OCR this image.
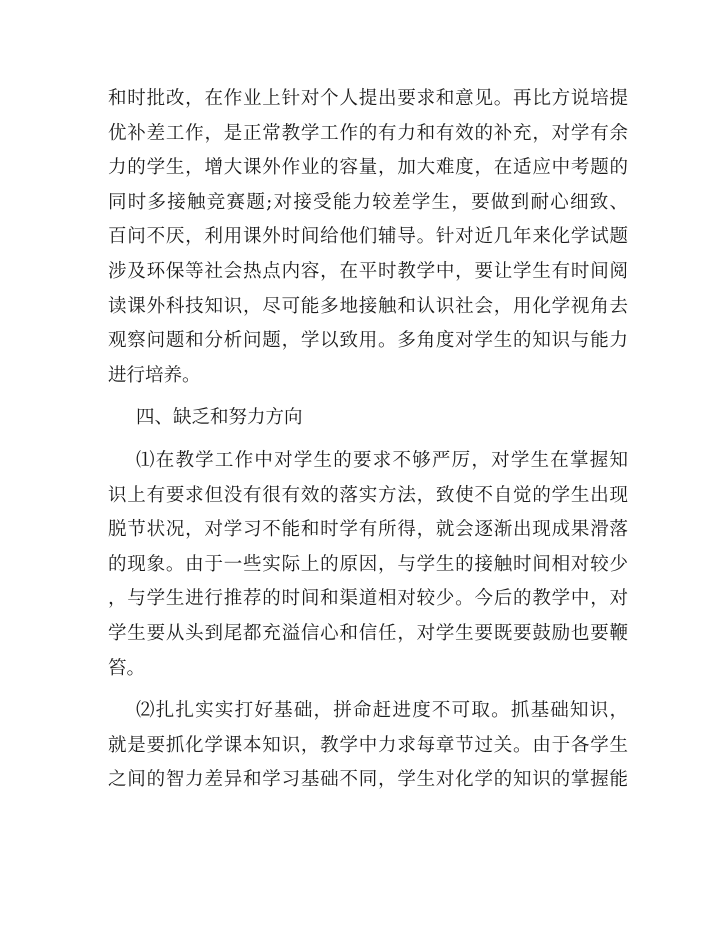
和时批改，在作业上针对个人提出要求和意见。再比方说培提
优补差工作，是正常教学工作的有力和有效的补充，对学有余
力的学生，增大课外作业的容量，加大难度，在适应中考题的
同时多接触竞赛题;对接受能力较差学生，要做到耐心细致、
百问不厌，利用课外时间给他们辅导。针对近几年来化学试题
涉及环保等社会热点内容，在平时教学中，要让学生有时间阅
读课外科技知识，尽可能多地接触和认识社会，用化学视角去
观察问题和分析问题，学以致用。多角度对学生的知识与能力
进行培养。
四、缺乏和努力方向
⑴在教学工作中对学生的要求不够严厉，对学生在掌握知
识上有要求但没有很有效的落实方法，致使不自觉的学生出现
脱节状况，对学习不能和时学有所得，就会逐渐出现成果滑落
的现象。由于一些实际上的原因，与学生的接触时间相对较少
，与学生进行推荐的时间和渠道相对较少。今后的教学中，对
学生要从头到尾都充溢信心和信任，对学生要既要鼓励也要鞭
笞。
⑵扎扎实实打好基础，拼命赶进度不可取。抓基础知识，
就是要抓化学课本知识，教学中力求每章节过关。由于各学生
之间的智力差异和学习基础不同，学生对化学的知识的掌握能
